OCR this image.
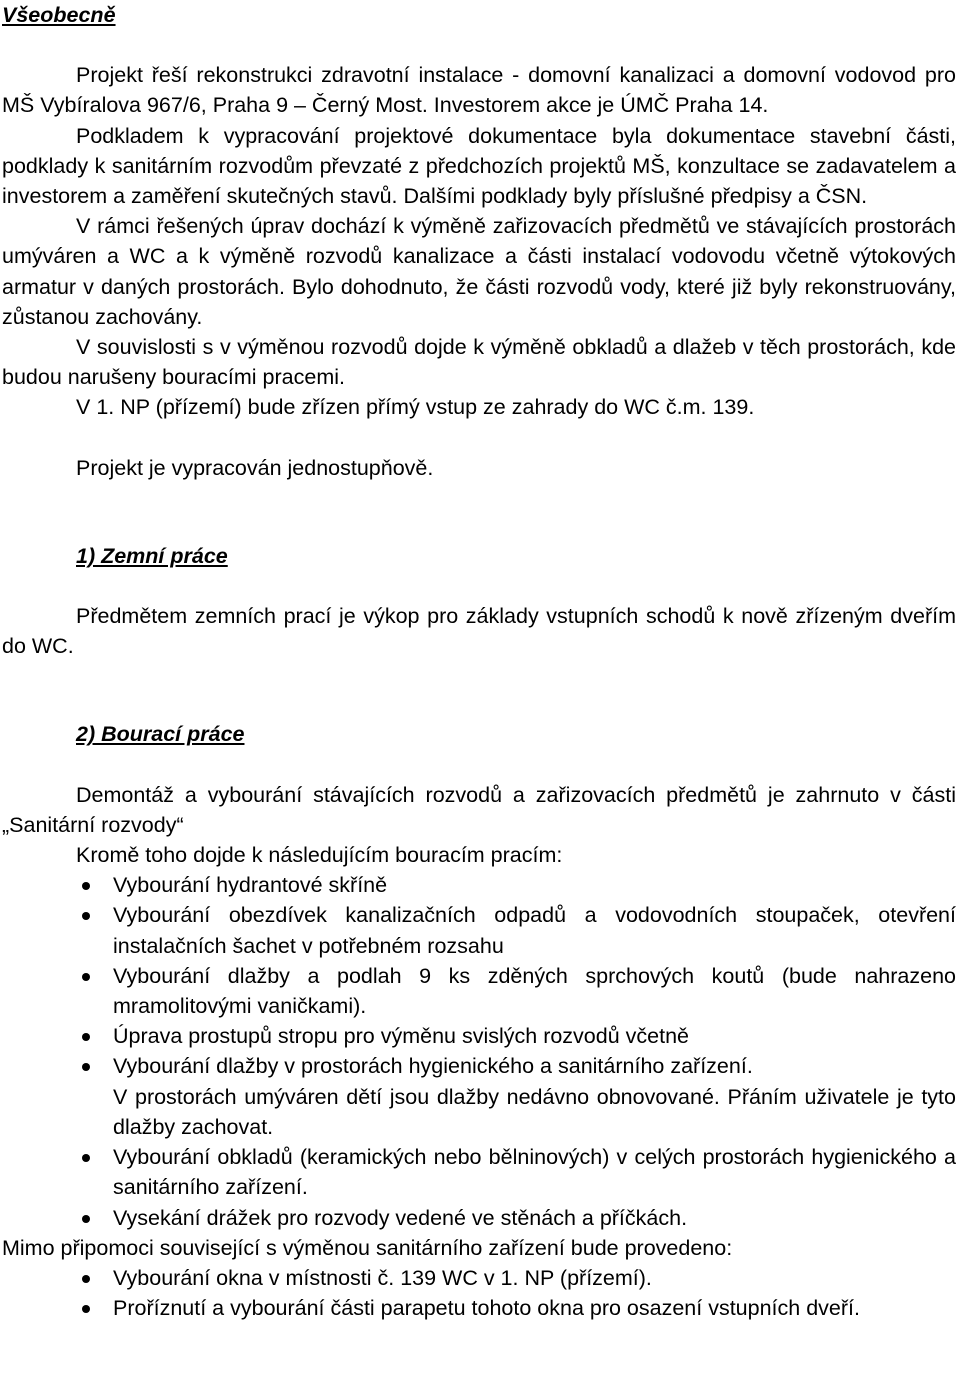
Všeobecně

Projekt řeší rekonstrukci zdravotní instalace - domovní kanalizaci a domovní vodovod pro MŠ Vybíralova 967/6, Praha 9 – Černý Most. Investorem akce je ÚMČ Praha 14.

Podkladem k vypracování projektové dokumentace byla dokumentace stavební části, podklady k sanitárním rozvodům převzaté z předchozích projektů MŠ, konzultace se zadavatelem a investorem a zaměření skutečných stavů. Dalšími podklady byly příslušné předpisy a ČSN.

V rámci řešených úprav dochází k výměně zařizovacích předmětů ve stávajících prostorách umýváren a WC a k výměně rozvodů kanalizace a části instalací vodovodu včetně výtokových armatur v daných prostorách. Bylo dohodnuto, že části rozvodů vody, které již byly rekonstruovány, zůstanou zachovány.

V souvislosti s v výměnou rozvodů dojde k výměně obkladů a dlažeb v těch prostorách, kde budou narušeny bouracími pracemi.

V 1. NP (přízemí) bude zřízen přímý vstup ze zahrady do WC č.m. 139.

Projekt je vypracován jednostupňově.

1) Zemní práce

Předmětem zemních prací je výkop pro základy vstupních schodů k nově zřízeným dveřím do WC.

2) Bourací práce

Demontáž a vybourání stávajících rozvodů a zařizovacích předmětů je zahrnuto v části „Sanitární rozvody“

Kromě toho dojde k následujícím bouracím pracím:

Vybourání hydrantové skříně
Vybourání obezdívek kanalizačních odpadů a vodovodních stoupaček, otevření instalačních šachet v potřebném rozsahu
Vybourání dlažby a podlah 9 ks zděných sprchových koutů (bude nahrazeno mramolitovými vaničkami).
Úprava prostupů stropu pro výměnu svislých rozvodů včetně
Vybourání dlažby v prostorách hygienického a sanitárního zařízení.
V prostorách umýváren dětí jsou dlažby nedávno obnovované. Přáním uživatele je tyto dlažby zachovat.
Vybourání obkladů (keramických nebo bělninových) v celých prostorách hygienického a sanitárního zařízení.
Vysekání drážek pro rozvody vedené ve stěnách a příčkách.

Mimo připomoci související s výměnou sanitárního zařízení bude provedeno:

Vybourání okna v místnosti č. 139 WC v 1. NP (přízemí).
Proříznutí a vybourání části parapetu tohoto okna pro osazení vstupních dveří.
